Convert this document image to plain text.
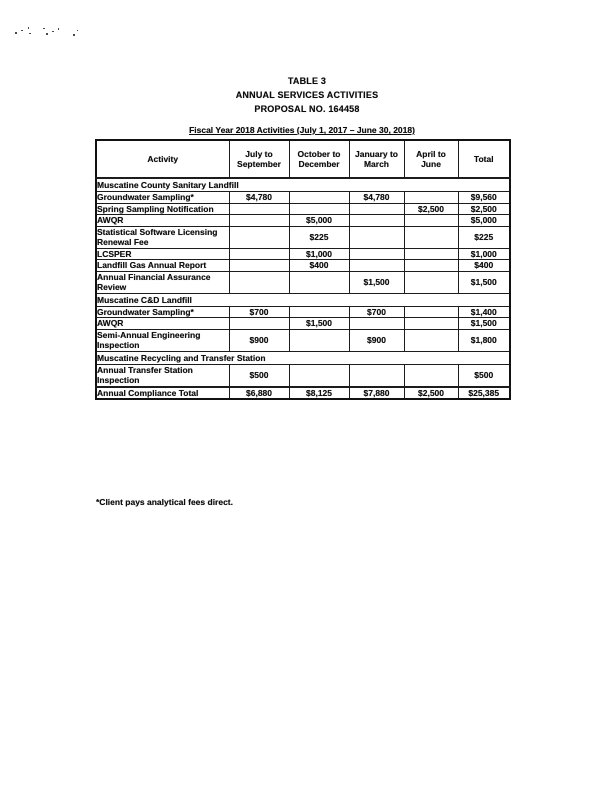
TABLE 3
ANNUAL SERVICES ACTIVITIES
PROPOSAL NO. 164458
Fiscal Year 2018 Activities (July 1, 2017 – June 30, 2018)
Activity	July to September	October to December	January to March	April to June	Total
Muscatine County Sanitary Landfill					
Groundwater Sampling*	$4,780		$4,780		$9,560
Spring Sampling Notification				$2,500	$2,500
AWQR		$5,000			$5,000
Statistical Software Licensing Renewal Fee		$225			$225
LCSPER		$1,000			$1,000
Landfill Gas Annual Report		$400			$400
Annual Financial Assurance Review			$1,500		$1,500
Muscatine C&D Landfill					
Groundwater Sampling*	$700		$700		$1,400
AWQR		$1,500			$1,500
Semi-Annual Engineering Inspection	$900		$900		$1,800
Muscatine Recycling and Transfer Station					
Annual Transfer Station Inspection	$500				$500
Annual Compliance Total	$6,880	$8,125	$7,880	$2,500	$25,385
*Client pays analytical fees direct.
